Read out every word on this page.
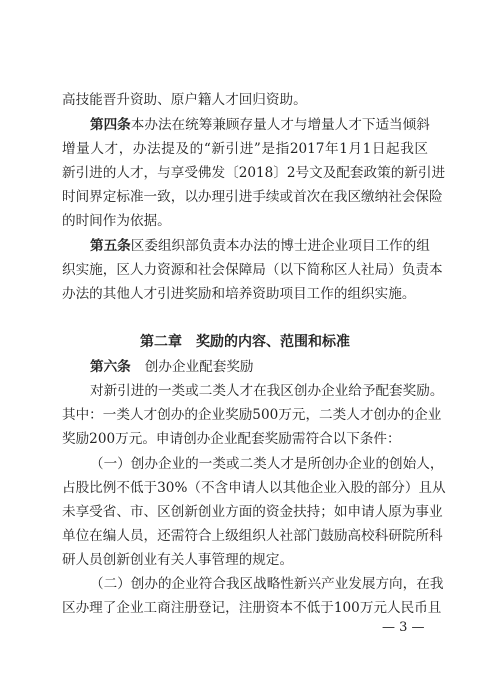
高技能晋升资助、原户籍人才回归资助。
第四条本办法在统筹兼顾存量人才与增量人才下适当倾斜
增量人才，办法提及的“新引进”是指2017年1月1日起我区
新引进的人才，与享受佛发〔2018〕2号文及配套政策的新引进
时间界定标准一致，以办理引进手续或首次在我区缴纳社会保险
的时间作为依据。
第五条区委组织部负责本办法的博士进企业项目工作的组
织实施，区人力资源和社会保障局（以下简称区人社局）负责本
办法的其他人才引进奖励和培养资助项目工作的组织实施。
第二章　奖励的内容、范围和标准
第六条 创办企业配套奖励
对新引进的一类或二类人才在我区创办企业给予配套奖励。
其中：一类人才创办的企业奖励500万元，二类人才创办的企业
奖励200万元。申请创办企业配套奖励需符合以下条件：
（一）创办企业的一类或二类人才是所创办企业的创始人，
占股比例不低于30%（不含申请人以其他企业入股的部分）且从
未享受省、市、区创新创业方面的资金扶持；如申请人原为事业
单位在编人员，还需符合上级组织人社部门鼓励高校科研院所科
研人员创新创业有关人事管理的规定。
（二）创办的企业符合我区战略性新兴产业发展方向，在我
区办理了企业工商注册登记，注册资本不低于100万元人民币且
— 3 —
